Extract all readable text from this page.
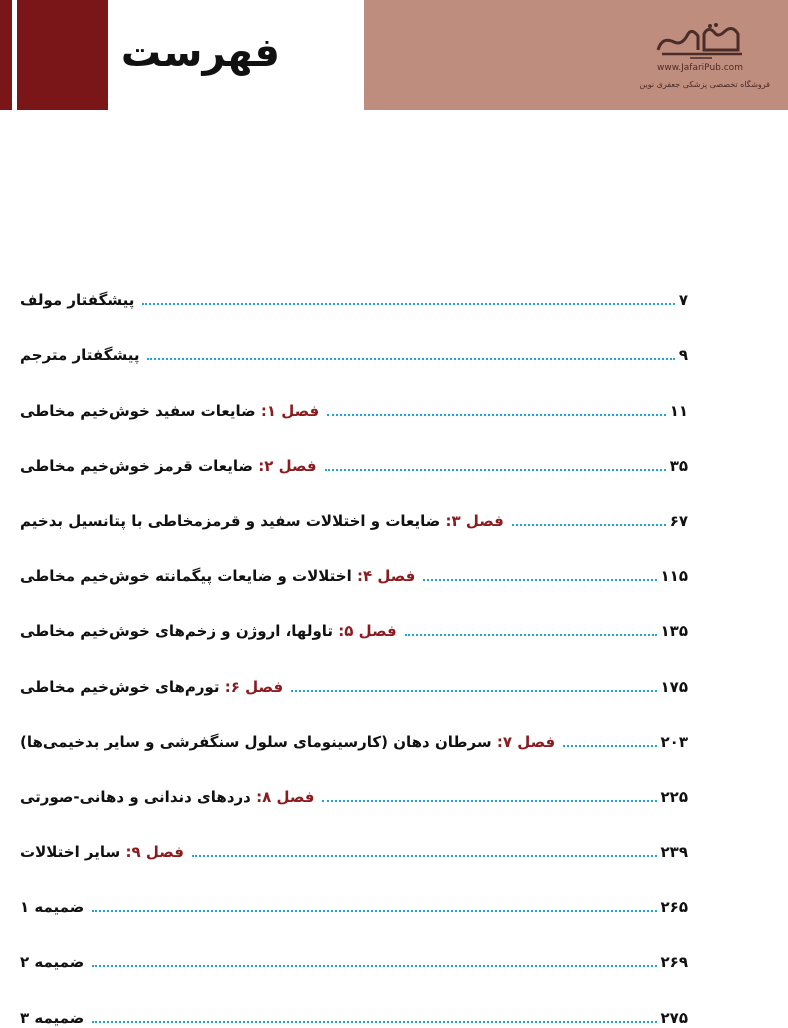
فهرست	www.JafariPub.com
فروشگاه تخصصی پزشکی جعفری نوین
پیشگفتار مولف	۷
پیشگفتار مترجم	۹
فصل ۱: ضایعات سفید خوش‌خیم مخاطی	۱۱
فصل ۲: ضایعات قرمز خوش‌خیم مخاطی	۳۵
فصل ۳: ضایعات و اختلالات سفید و قرمزمخاطی با پتانسیل بدخیم	۶۷
فصل ۴: اختلالات و ضایعات پیگمانته خوش‌خیم مخاطی	۱۱۵
فصل ۵: تاولها، اروژن و زخم‌های خوش‌خیم مخاطی	۱۳۵
فصل ۶: تورم‌های خوش‌خیم مخاطی	۱۷۵
فصل ۷: سرطان دهان (کارسینومای سلول سنگفرشی و سایر بدخیمی‌ها)	۲۰۳
فصل ۸: دردهای دندانی و دهانی-صورتی	۲۲۵
فصل ۹: سایر اختلالات	۲۳۹
ضمیمه ۱	۲۶۵
ضمیمه ۲	۲۶۹
ضمیمه ۳	۲۷۵
